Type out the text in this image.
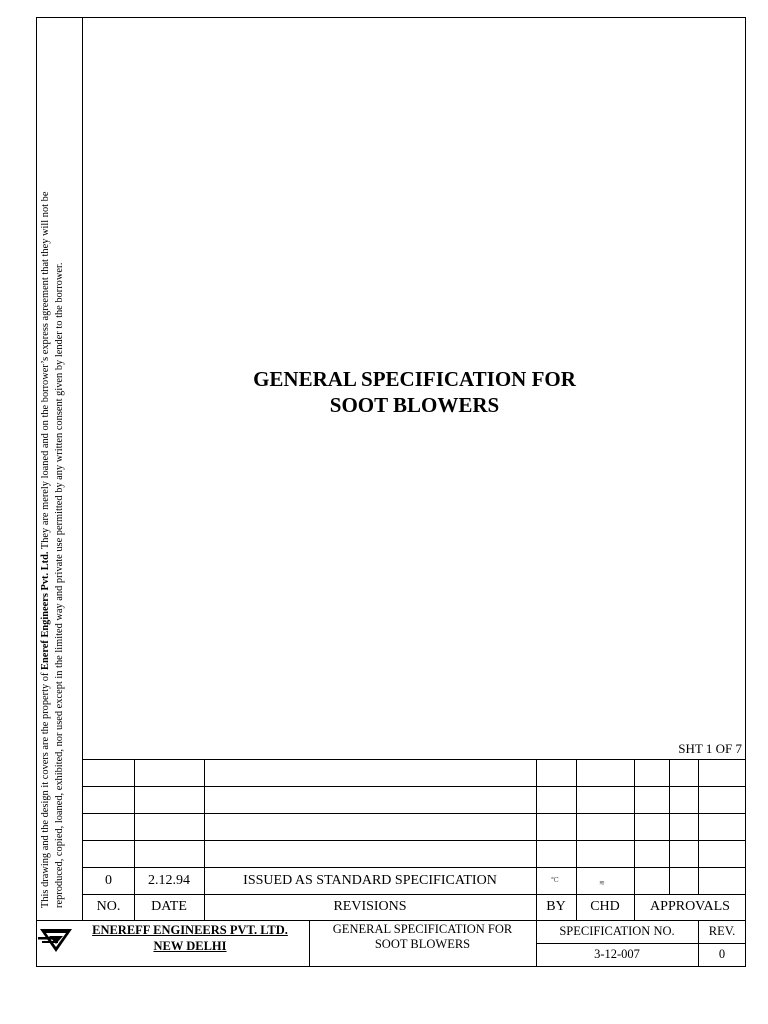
This drawing and the design it covers are the property of Eneref Engineers Pvt. Ltd. They are merely loaned and on the borrower’s express agreement that they will not be reproduced, copied, loaned, exhibited, nor used except in the limited way and private use permitted by any written consent given by lender to the borrower.	GENERAL SPECIFICATION FOR
SOOT BLOWERS
SHT 1 OF 7
0	2.12.94	ISSUED AS STANDARD SPECIFICATION	℃	≋
NO.	DATE	REVISIONS	BY	CHD	APPROVALS
ENEREFF ENGINEERS PVT. LTD.
NEW DELHI
GENERAL SPECIFICATION FOR
SOOT BLOWERS
SPECIFICATION NO.	REV.
3-12-007	0
